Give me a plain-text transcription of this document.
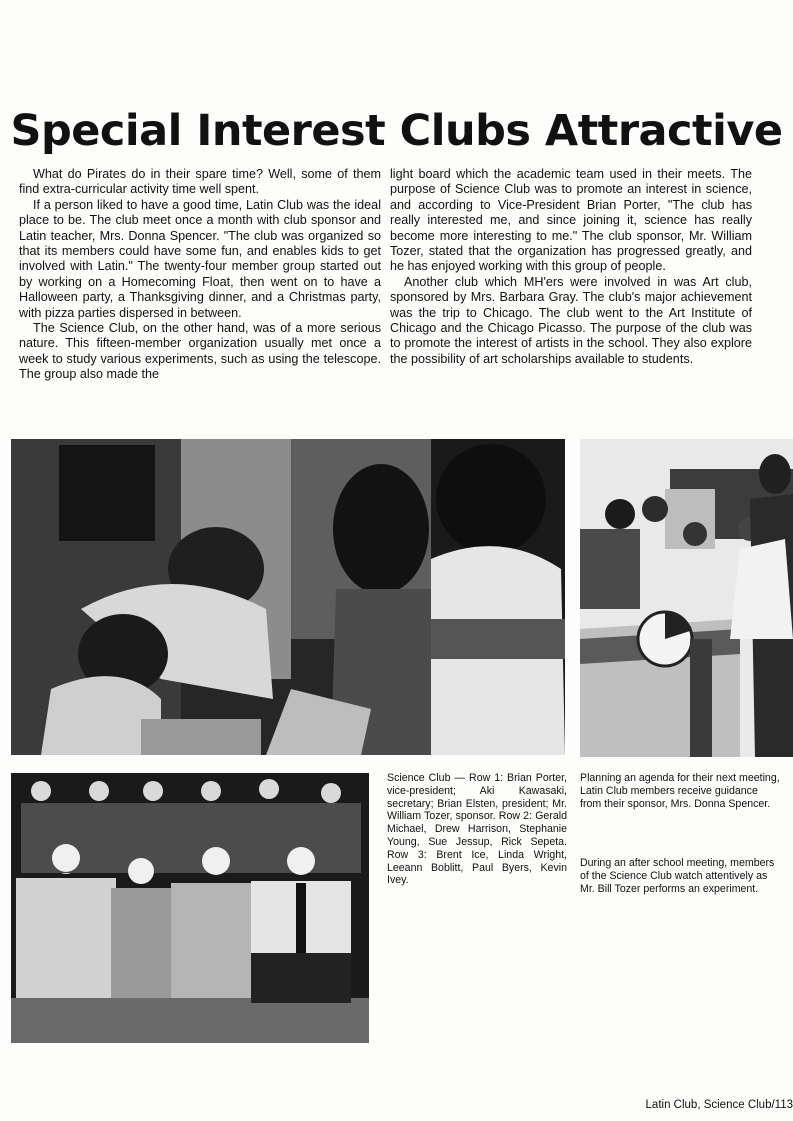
Special Interest Clubs Attractive

What do Pirates do in their spare time? Well, some of them find extra-curricular activity time well spent.

If a person liked to have a good time, Latin Club was the ideal place to be. The club meet once a month with club sponsor and Latin teacher, Mrs. Donna Spencer. "The club was organized so that its members could have some fun, and enables kids to get involved with Latin." The twenty-four member group started out by working on a Homecoming Float, then went on to have a Halloween party, a Thanksgiving dinner, and a Christmas party, with pizza parties dispersed in between.

The Science Club, on the other hand, was of a more serious nature. This fifteen-member organization usually met once a week to study various experiments, such as using the telescope. The group also made the

light board which the academic team used in their meets. The purpose of Science Club was to promote an interest in science, and according to Vice-President Brian Porter, "The club has really interested me, and since joining it, science has really become more interesting to me." The club sponsor, Mr. William Tozer, stated that the organization has progressed greatly, and he has enjoyed working with this group of people.

Another club which MH'ers were involved in was Art club, sponsored by Mrs. Barbara Gray. The club's major achievement was the trip to Chicago. The club went to the Art Institute of Chicago and the Chicago Picasso. The purpose of the club was to promote the interest of artists in the school. They also explore the possibility of art scholarships available to students.

Science Club — Row 1: Brian Porter, vice-president; Aki Kawasaki, secretary; Brian Elsten, president; Mr. William Tozer, sponsor. Row 2: Gerald Michael, Drew Harrison, Stephanie Young, Sue Jessup, Rick Sepeta. Row 3: Brent Ice, Linda Wright, Leeann Boblitt, Paul Byers, Kevin Ivey.
Planning an agenda for their next meeting, Latin Club members receive guidance from their sponsor, Mrs. Donna Spencer.
During an after school meeting, members of the Science Club watch attentively as Mr. Bill Tozer performs an experiment.
Latin Club, Science Club/113
